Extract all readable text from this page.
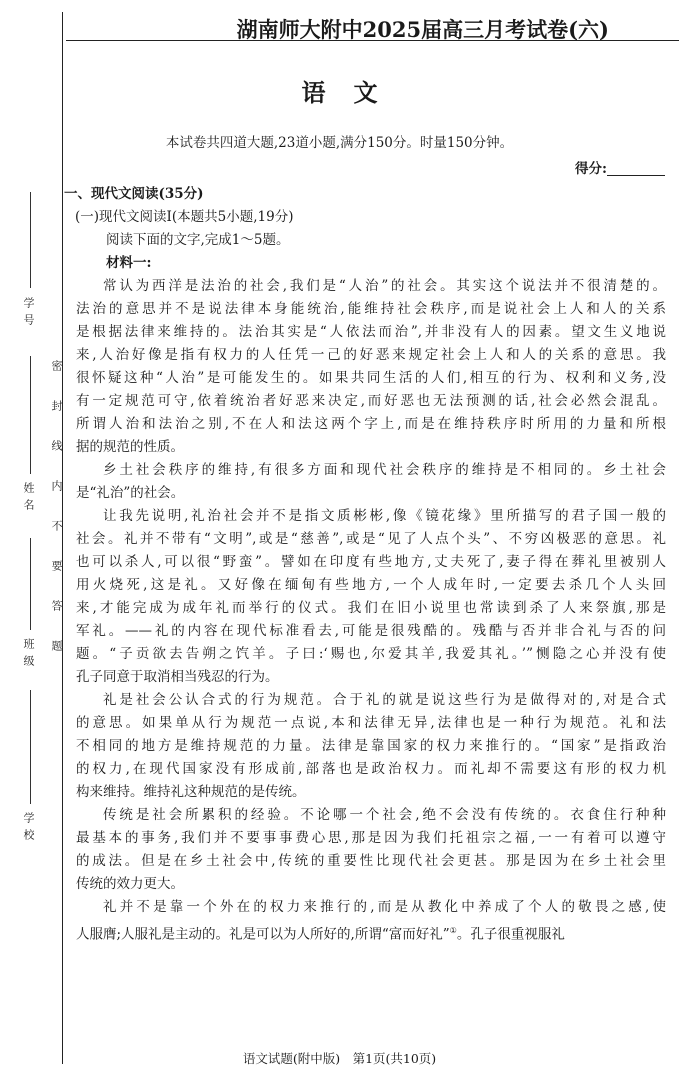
学号
姓名
班级
学校
密　封　线　内　不　要　答　题
湖南师大附中2025届高三月考试卷(六)
语文
本试卷共四道大题,23道小题,满分150分。时量150分钟。
得分:
一、现代文阅读(35分)
(一)现代文阅读Ⅰ(本题共5小题,19分)
阅读下面的文字,完成1～5题。
材料一:
常认为西洋是法治的社会,我们是“人治”的社会。其实这个说法并不很清楚的。
法治的意思并不是说法律本身能统治,能维持社会秩序,而是说社会上人和人的关系
是根据法律来维持的。法治其实是“人依法而治”,并非没有人的因素。望文生义地说
来,人治好像是指有权力的人任凭一己的好恶来规定社会上人和人的关系的意思。我
很怀疑这种“人治”是可能发生的。如果共同生活的人们,相互的行为、权利和义务,没
有一定规范可守,依着统治者好恶来决定,而好恶也无法预测的话,社会必然会混乱。
所谓人治和法治之别,不在人和法这两个字上,而是在维持秩序时所用的力量和所根
据的规范的性质。
乡土社会秩序的维持,有很多方面和现代社会秩序的维持是不相同的。乡土社会
是“礼治”的社会。
让我先说明,礼治社会并不是指文质彬彬,像《镜花缘》里所描写的君子国一般的
社会。礼并不带有“文明”,或是“慈善”,或是“见了人点个头”、不穷凶极恶的意思。礼
也可以杀人,可以很“野蛮”。譬如在印度有些地方,丈夫死了,妻子得在葬礼里被别人
用火烧死,这是礼。又好像在缅甸有些地方,一个人成年时,一定要去杀几个人头回
来,才能完成为成年礼而举行的仪式。我们在旧小说里也常读到杀了人来祭旗,那是
军礼。——礼的内容在现代标准看去,可能是很残酷的。残酷与否并非合礼与否的问
题。“子贡欲去告朔之饩羊。子曰:‘赐也,尔爱其羊,我爱其礼。’”恻隐之心并没有使
孔子同意于取消相当残忍的行为。
礼是社会公认合式的行为规范。合于礼的就是说这些行为是做得对的,对是合式
的意思。如果单从行为规范一点说,本和法律无异,法律也是一种行为规范。礼和法
不相同的地方是维持规范的力量。法律是靠国家的权力来推行的。“国家”是指政治
的权力,在现代国家没有形成前,部落也是政治权力。而礼却不需要这有形的权力机
构来维持。维持礼这种规范的是传统。
传统是社会所累积的经验。不论哪一个社会,绝不会没有传统的。衣食住行种种
最基本的事务,我们并不要事事费心思,那是因为我们托祖宗之福,一一有着可以遵守
的成法。但是在乡土社会中,传统的重要性比现代社会更甚。那是因为在乡土社会里
传统的效力更大。
礼并不是靠一个外在的权力来推行的,而是从教化中养成了个人的敬畏之感,使
人服膺;人服礼是主动的。礼是可以为人所好的,所谓“富而好礼”①。孔子很重视服礼
语文试题(附中版)　第1页(共10页)
